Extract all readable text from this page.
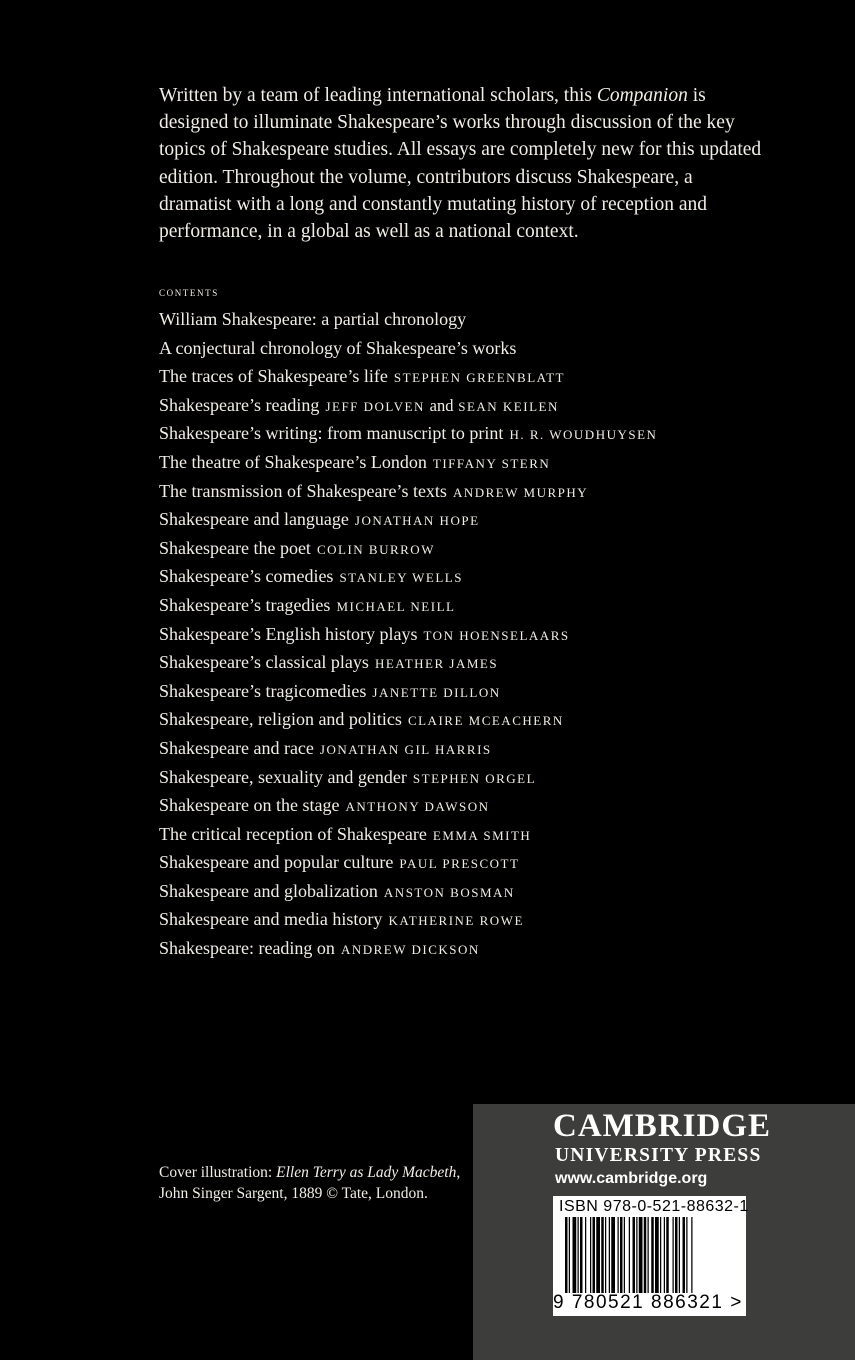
Written by a team of leading international scholars, this Companion is designed to illuminate Shakespeare’s works through discussion of the key topics of Shakespeare studies. All essays are completely new for this updated edition. Throughout the volume, contributors discuss Shakespeare, a dramatist with a long and constantly mutating history of reception and performance, in a global as well as a national context.

contents

William Shakespeare: a partial chronology
A conjectural chronology of Shakespeare’s works
The traces of Shakespeare’s life STEPHEN GREENBLATT
Shakespeare’s reading JEFF DOLVEN and SEAN KEILEN
Shakespeare’s writing: from manuscript to print H. R. WOUDHUYSEN
The theatre of Shakespeare’s London TIFFANY STERN
The transmission of Shakespeare’s texts ANDREW MURPHY
Shakespeare and language JONATHAN HOPE
Shakespeare the poet COLIN BURROW
Shakespeare’s comedies STANLEY WELLS
Shakespeare’s tragedies MICHAEL NEILL
Shakespeare’s English history plays TON HOENSELAARS
Shakespeare’s classical plays HEATHER JAMES
Shakespeare’s tragicomedies JANETTE DILLON
Shakespeare, religion and politics CLAIRE MCEACHERN
Shakespeare and race JONATHAN GIL HARRIS
Shakespeare, sexuality and gender STEPHEN ORGEL
Shakespeare on the stage ANTHONY DAWSON
The critical reception of Shakespeare EMMA SMITH
Shakespeare and popular culture PAUL PRESCOTT
Shakespeare and globalization ANSTON BOSMAN
Shakespeare and media history KATHERINE ROWE
Shakespeare: reading on ANDREW DICKSON

Cover illustration: Ellen Terry as Lady Macbeth,
John Singer Sargent, 1889 © Tate, London.

CAMBRIDGE

UNIVERSITY PRESS

www.cambridge.org

ISBN 978-0-521-88632-1
9 780521 886321 >
